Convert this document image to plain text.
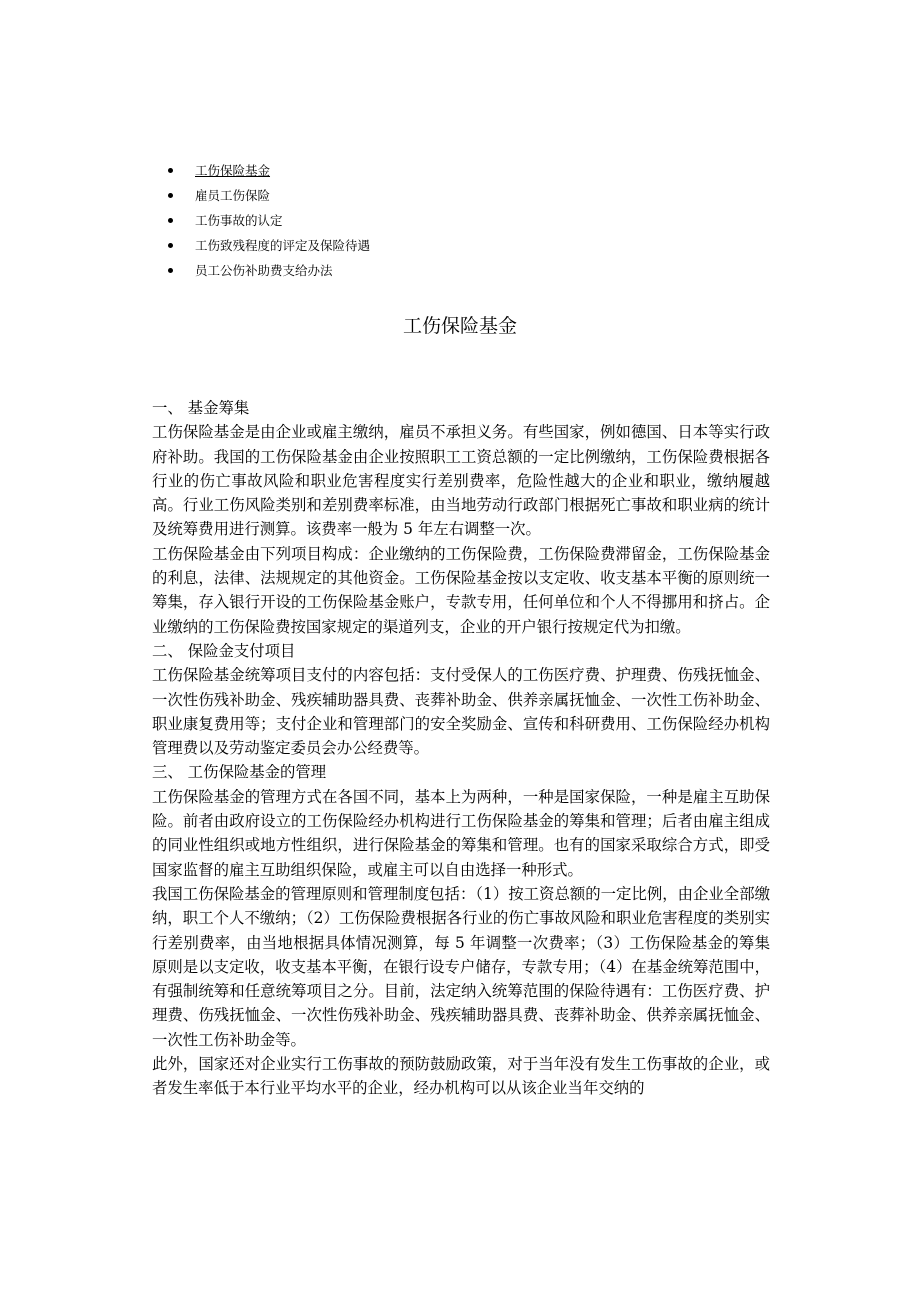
工伤保险基金
雇员工伤保险
工伤事故的认定
工伤致残程度的评定及保险待遇
员工公伤补助费支给办法
工伤保险基金

一、 基金筹集

工伤保险基金是由企业或雇主缴纳，雇员不承担义务。有些国家，例如德国、日本等实行政府补助。我国的工伤保险基金由企业按照职工工资总额的一定比例缴纳，工伤保险费根据各行业的伤亡事故风险和职业危害程度实行差别费率，危险性越大的企业和职业，缴纳履越高。行业工伤风险类别和差别费率标准，由当地劳动行政部门根据死亡事故和职业病的统计及统筹费用进行测算。该费率一般为 5 年左右调整一次。

工伤保险基金由下列项目构成：企业缴纳的工伤保险费，工伤保险费滞留金，工伤保险基金的利息，法律、法规规定的其他资金。工伤保险基金按以支定收、收支基本平衡的原则统一筹集，存入银行开设的工伤保险基金账户，专款专用，任何单位和个人不得挪用和挤占。企业缴纳的工伤保险费按国家规定的渠道列支，企业的开户银行按规定代为扣缴。

二、 保险金支付项目

工伤保险基金统筹项目支付的内容包括：支付受保人的工伤医疗费、护理费、伤残抚恤金、一次性伤残补助金、残疾辅助器具费、丧葬补助金、供养亲属抚恤金、一次性工伤补助金、职业康复费用等；支付企业和管理部门的安全奖励金、宣传和科研费用、工伤保险经办机构管理费以及劳动鉴定委员会办公经费等。

三、 工伤保险基金的管理

工伤保险基金的管理方式在各国不同，基本上为两种，一种是国家保险，一种是雇主互助保险。前者由政府设立的工伤保险经办机构进行工伤保险基金的筹集和管理；后者由雇主组成的同业性组织或地方性组织，进行保险基金的筹集和管理。也有的国家采取综合方式，即受国家监督的雇主互助组织保险，或雇主可以自由选择一种形式。

我国工伤保险基金的管理原则和管理制度包括：（1）按工资总额的一定比例，由企业全部缴纳，职工个人不缴纳；（2）工伤保险费根据各行业的伤亡事故风险和职业危害程度的类别实行差别费率，由当地根据具体情况测算，每 5 年调整一次费率；（3）工伤保险基金的筹集原则是以支定收，收支基本平衡，在银行设专户储存，专款专用；（4）在基金统筹范围中，有强制统筹和任意统筹项目之分。目前，法定纳入统筹范围的保险待遇有：工伤医疗费、护理费、伤残抚恤金、一次性伤残补助金、残疾辅助器具费、丧葬补助金、供养亲属抚恤金、一次性工伤补助金等。

此外，国家还对企业实行工伤事故的预防鼓励政策，对于当年没有发生工伤事故的企业，或者发生率低于本行业平均水平的企业，经办机构可以从该企业当年交纳的
